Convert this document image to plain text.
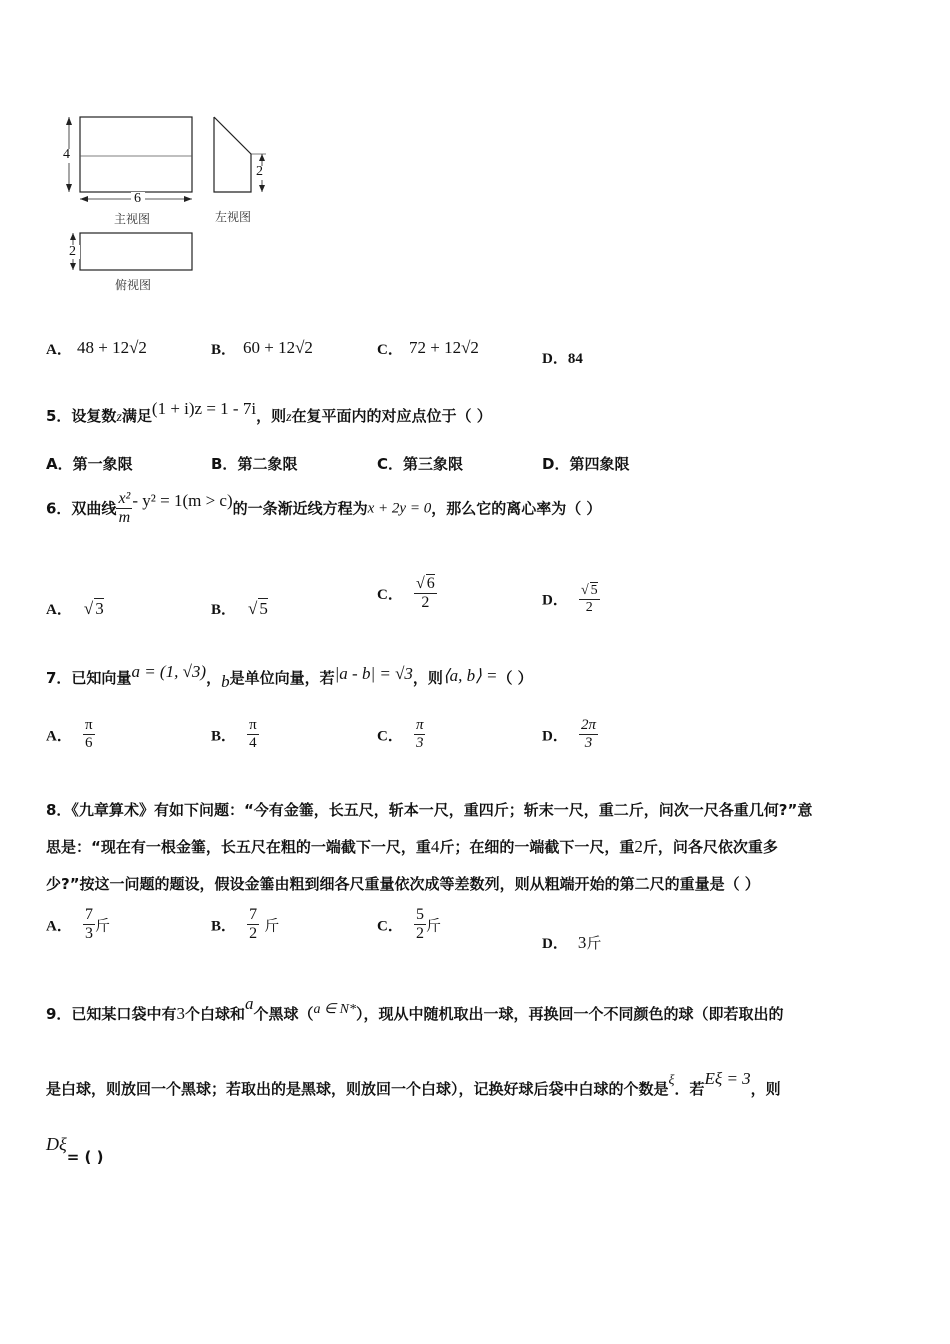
4
6
2
2
主视图	左视图
俯视图
A． 48 + 12√2	B． 60 + 12√2	C． 72 + 12√2
D．84
5．设复数z满足(1 + i)z = 1 - 7i，则z在复平面内的对应点位于（ ）
A．第一象限	B．第二象限	C．第三象限	D．第四象限
6．双曲线 $\frac{\text{x²}}{m} - y^2 = 1(m > c)$的一条渐近线方程为x + 2y = 0，那么它的离心率为（ ）
A． √ 3	B． √ 5
C． $\frac{√ 6}{2}$	D． $\frac{√ 5}{2}$
7．已知向量a = (1, √3)，b是单位向量，若|a - b| = √3，则⟨a, b⟩ =（ ）
A． $\frac{\pi}{6}$	B． $\frac{\pi}{4}$	C． $\frac{\pi}{3}$	D． $\frac{2\pi}{3}$
8．《九章算术》有如下问题：“今有金箠，长五尺，斩本一尺，重四斤；斩末一尺，重二斤，问次一尺各重几何?”意
思是：“现在有一根金箠，长五尺在粗的一端截下一尺，重4斤；在细的一端截下一尺，重2斤，问各尺依次重多
少?”按这一问题的题设，假设金箠由粗到细各尺重量依次成等差数列，则从粗端开始的第二尺的重量是（ ）
A． $\frac{7}{3}$ 斤	B． $\frac{7}{2}$ 斤	C． $\frac{5}{2}$ 斤
D． 3斤
9．已知某口袋中有3个白球和a个黑球（a ∈ N*），现从中随机取出一球，再换回一个不同颜色的球（即若取出的
是白球，则放回一个黑球；若取出的是黑球，则放回一个白球），记换好球后袋中白球的个数是ξ．若Eξ = 3，则
Dξ= ( )
